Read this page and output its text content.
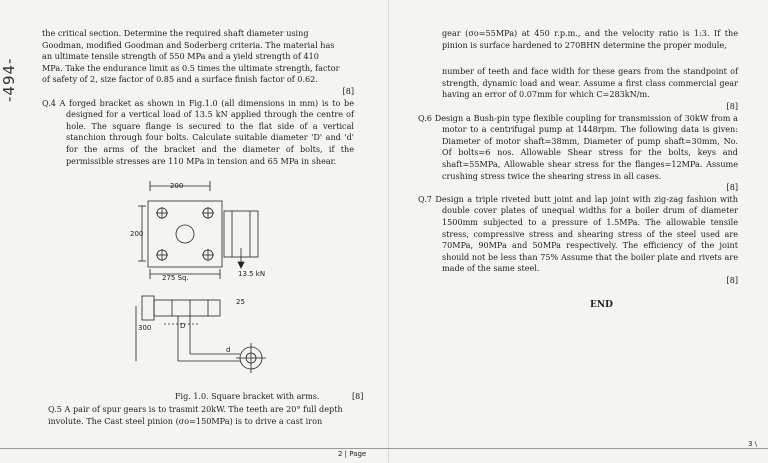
-494-

the critical section. Determine the required shaft diameter using

Goodman, modified Goodman and Soderberg criteria. The material has

an ultimate tensile strength of 550 MPa and a yield strength of 410

MPa. Take the endurance limit as 0.5 times the ultimate strength, factor

of safety of 2, size factor of 0.85 and a surface finish factor of 0.62.

[8]

Q.4 A forged bracket as shown in Fig.1.0 (all dimensions in mm) is to be designed for a vertical load of 13.5 kN applied through the centre of hole. The square flange is secured to the flat side of a vertical stanchion through four bolts. Calculate suitable diameter 'D' and 'd' for the arms of the bracket and the diameter of bolts, if the permissible stresses are 110 MPa in tension and 65 MPa in shear.

200
200
275 Sq.	13.5 kN
25
300	D
d
Fig. 1.0. Square bracket with arms.	[8]
Q.5 A pair of spur gears is to trasmit 20kW. The teeth are 20° full depth involute. The Cast steel pinion (σo=150MPa) is to drive a cast iron

gear (σo=55MPa) at 450 r.p.m., and the velocity ratio is 1:3. If the pinion is surface hardened to 270BHN determine the proper module,

number of teeth and face width for these gears from the standpoint of strength, dynamic load and wear. Assume a first class commercial gear having an error of 0.07mm for which C=283kN/m.

[8]

Q.6 Design a Bush-pin type flexible coupling for transmission of 30kW from a motor to a centrifugal pump at 1448rpm. The following data is given: Diameter of motor shaft=38mm, Diameter of pump shaft=30mm, No. Of bolts=6 nos. Allowable Shear stress for the bolts, keys and shaft=55MPa, Allowable shear stress for the flanges=12MPa. Assume crushing stress twice the shearing stress in all cases.

[8]

Q.7 Design a triple riveted butt joint and lap joint with zig-zag fashion with double cover plates of unequal widths for a boiler drum of diameter 1500mm subjected to a pressure of 1.5MPa. The allowable tensile stress, compressive stress and shearing stress of the steel used are 70MPa, 90MPa and 50MPa respectively. The efficiency of the joint should not be less than 75% Assume that the boiler plate and rivets are made of the same steel.

[8]
END
2 | Page
3 \
